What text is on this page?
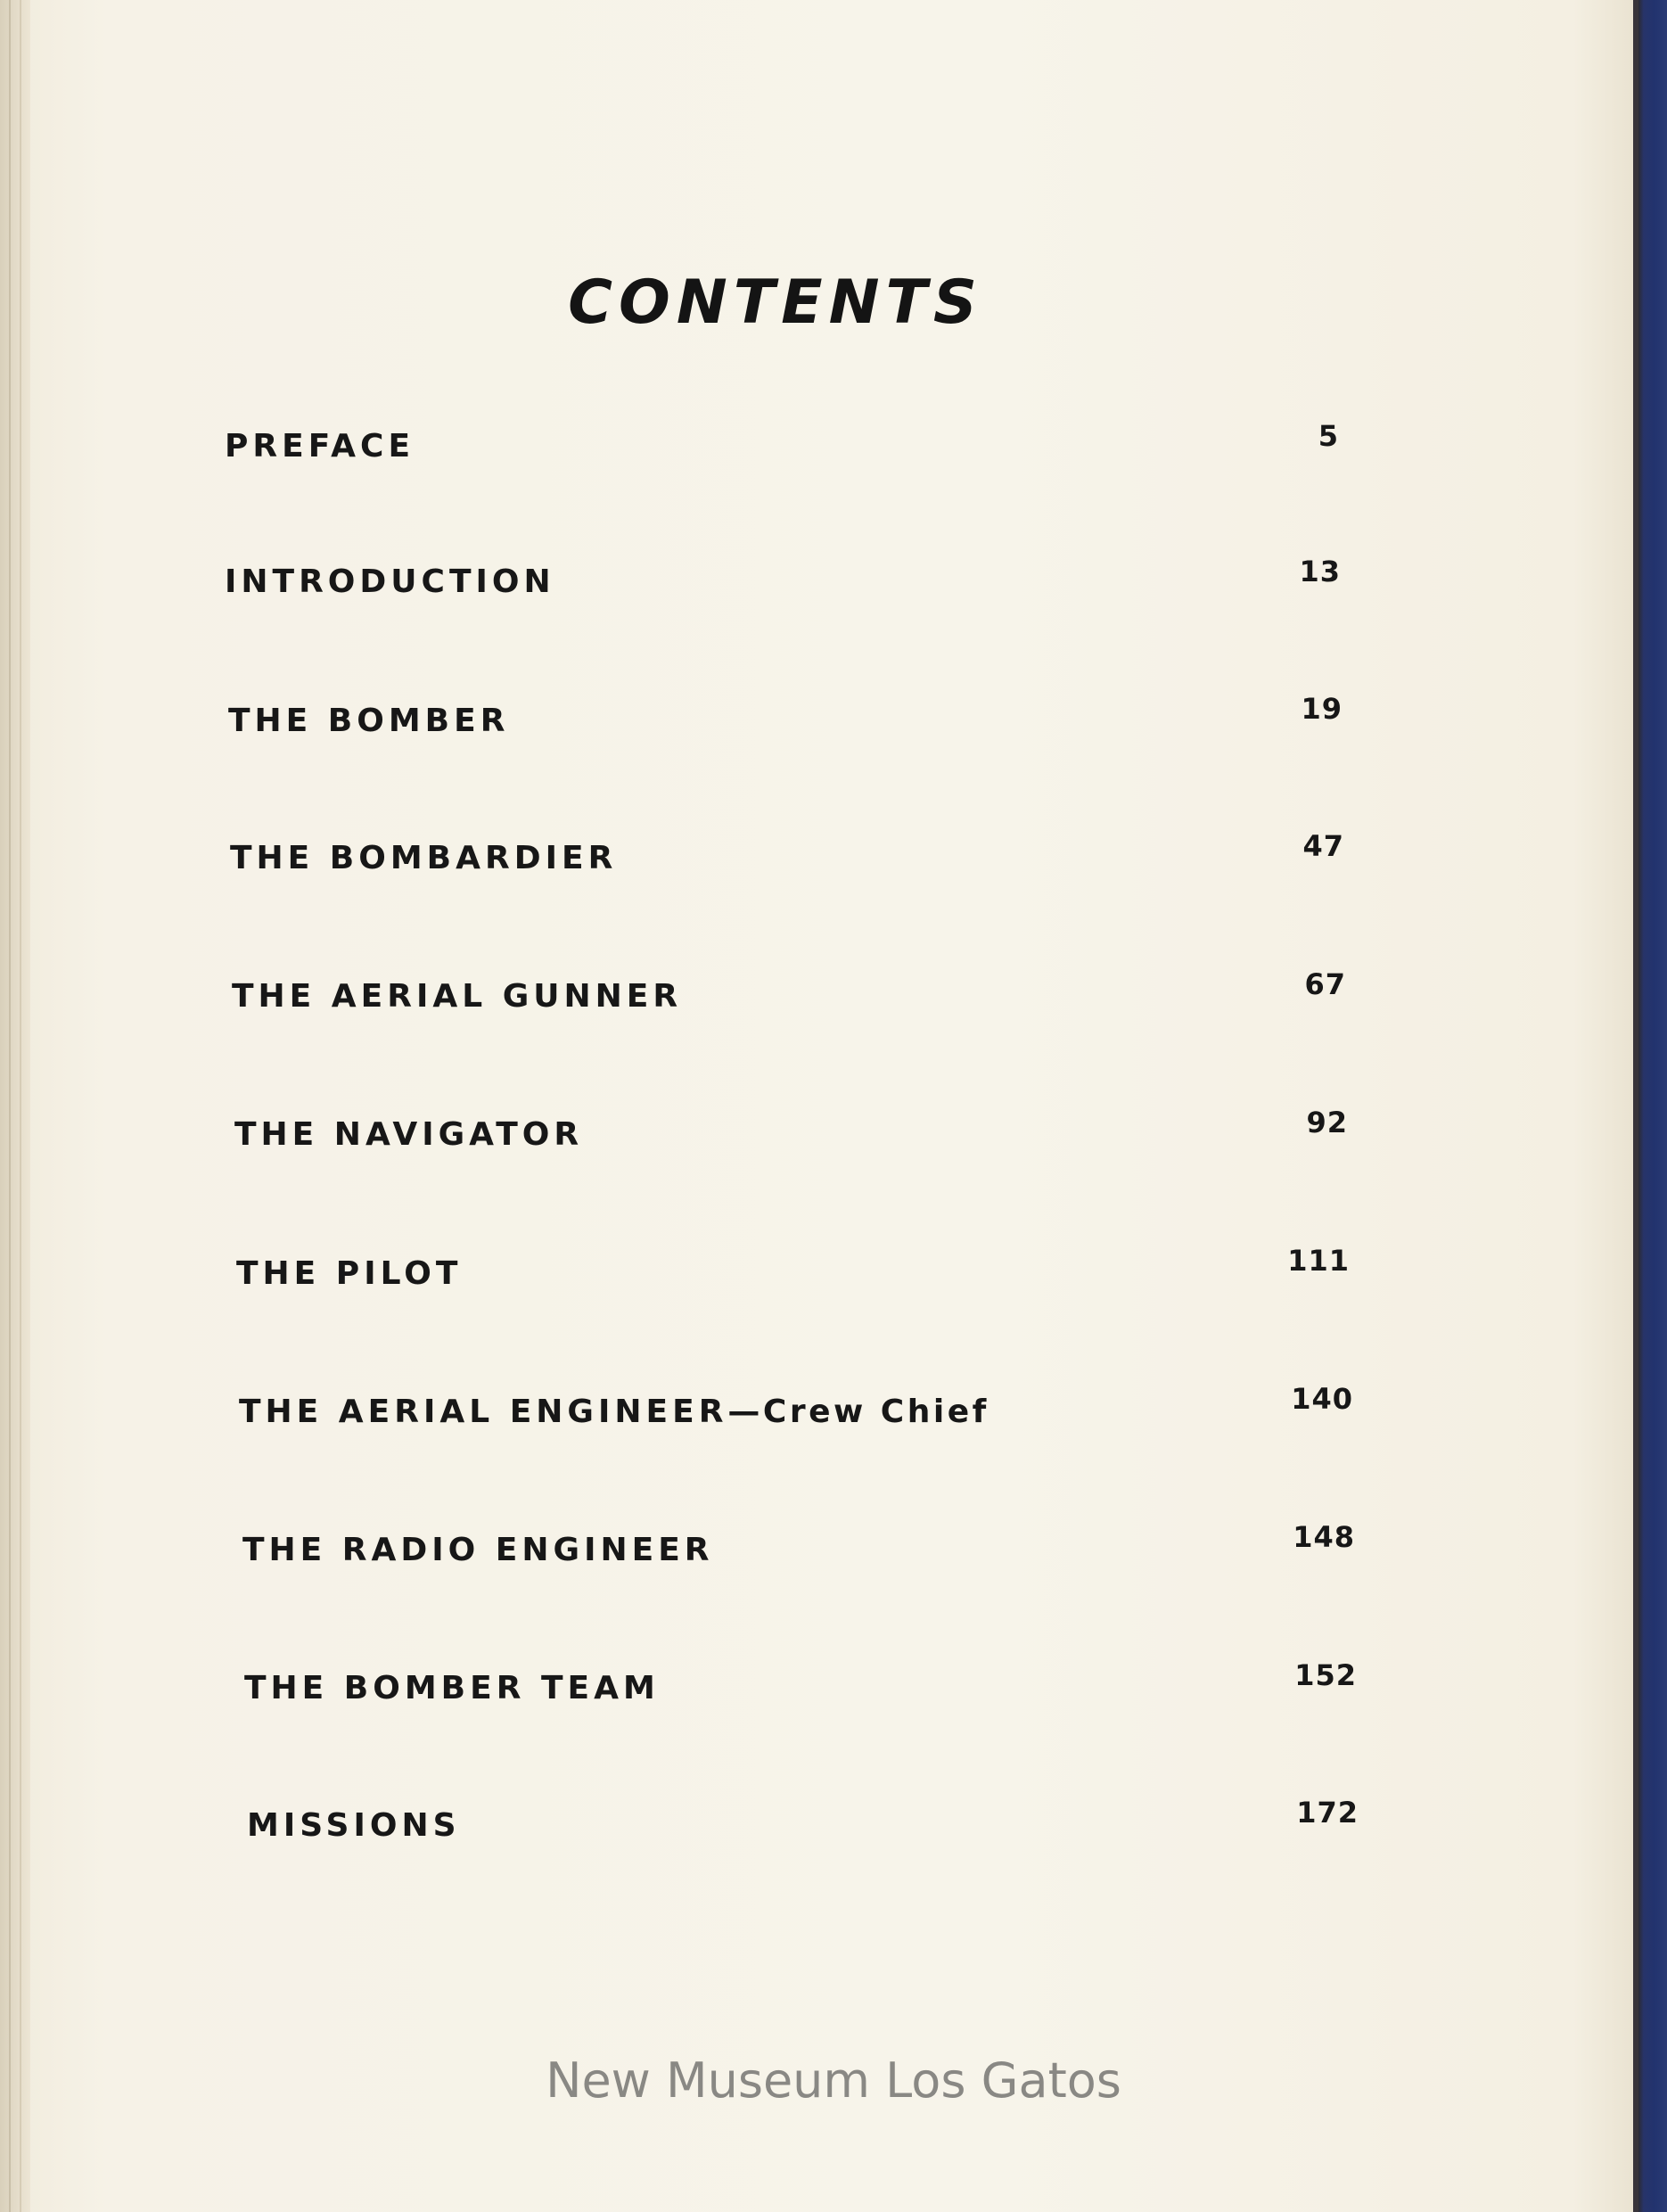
CONTENTS
PREFACE	5
INTRODUCTION	13
THE BOMBER	19
THE BOMBARDIER	47
THE AERIAL GUNNER	67
THE NAVIGATOR	92
THE PILOT	111
THE AERIAL ENGINEER—Crew Chief	140
THE RADIO ENGINEER	148
THE BOMBER TEAM	152
MISSIONS	172
New Museum Los Gatos
